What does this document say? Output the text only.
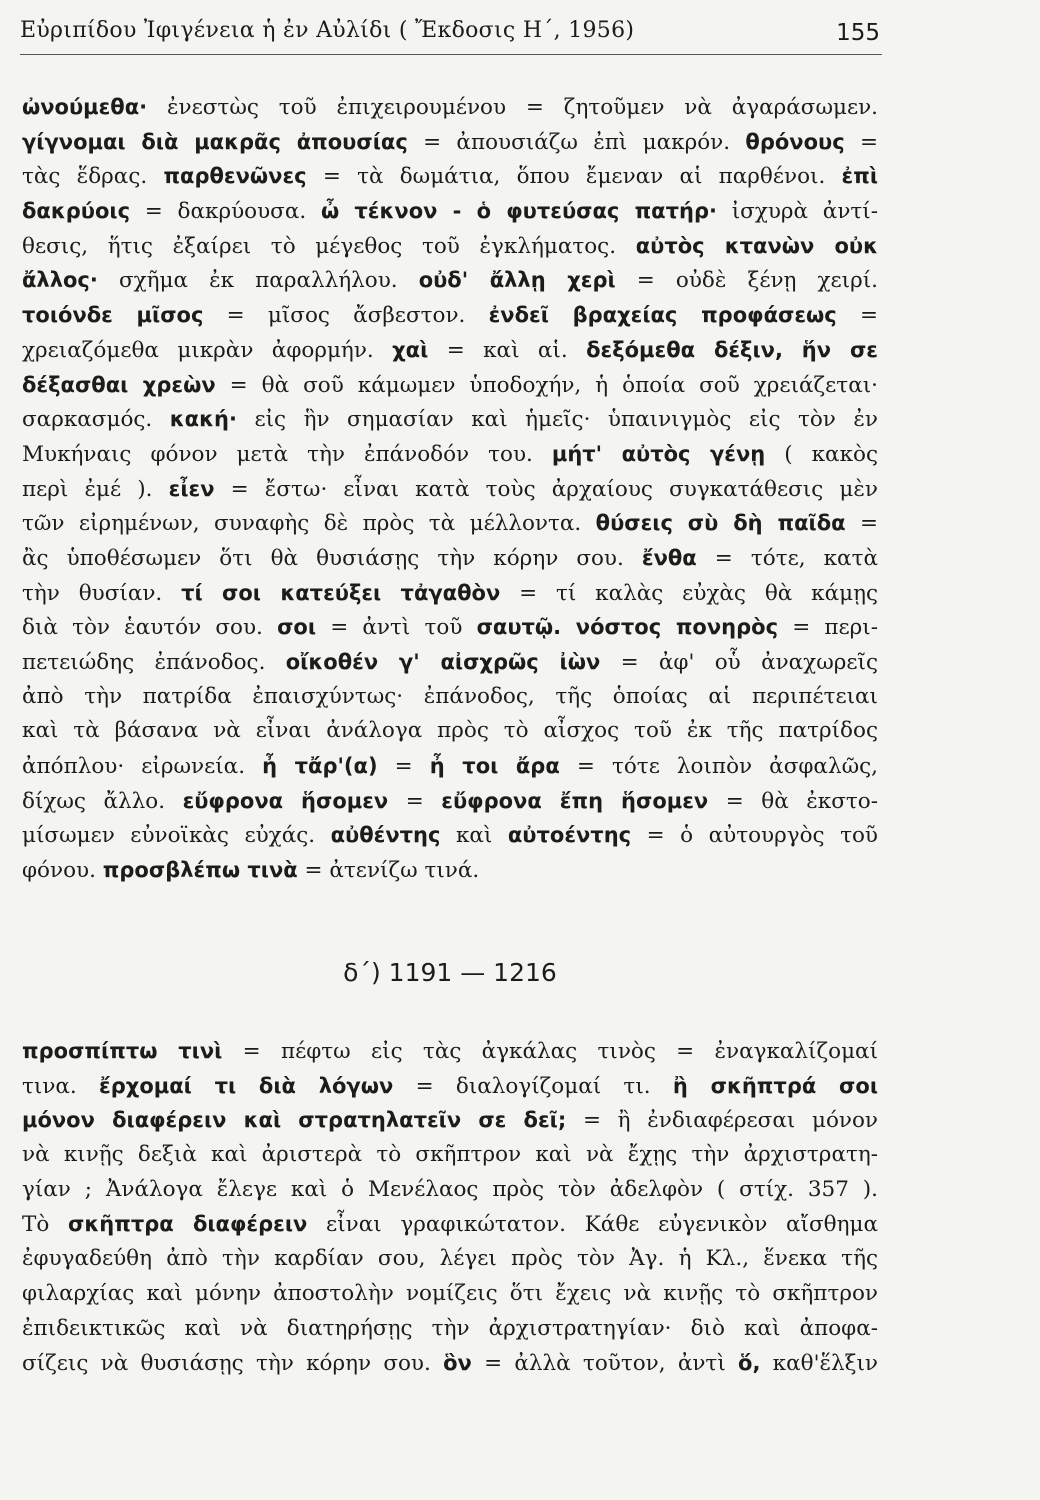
Εὐριπίδου Ἰφιγένεια ἡ ἐν Αὐλίδι ( Ἔκδοσις Η΄, 1956)	155
ὠνούμεθα· ἐνεστὼς τοῦ ἐπιχειρουμένου = ζητοῦμεν νὰ ἀγαράσωμεν.
γίγνομαι διὰ μακρᾶς ἀπουσίας = ἀπουσιάζω ἐπὶ μακρόν. θρόνους =
τὰς ἕδρας. παρθενῶνες = τὰ δωμάτια, ὅπου ἔμεναν αἱ παρθένοι. ἐπὶ
δακρύοις = δακρύουσα. ὦ τέκνον - ὁ φυτεύσας πατήρ· ἰσχυρὰ ἀντί-
θεσις, ἥτις ἐξαίρει τὸ μέγεθος τοῦ ἐγκλήματος. αὐτὸς κτανὼν οὐκ
ἄλλος· σχῆμα ἐκ παραλλήλου. οὐδ' ἄλλῃ χερὶ = οὐδὲ ξένῃ χειρί.
τοιόνδε μῖσος = μῖσος ἄσβεστον. ἐνδεῖ βραχείας προφάσεως =
χρειαζόμεθα μικρὰν ἀφορμήν. χαὶ = καὶ αἱ. δεξόμεθα δέξιν, ἥν σε
δέξασθαι χρεὼν = θὰ σοῦ κάμωμεν ὑποδοχήν, ἡ ὁποία σοῦ χρειάζεται·
σαρκασμός. κακή· εἰς ἣν σημασίαν καὶ ἡμεῖς· ὑπαινιγμὸς εἰς τὸν ἐν
Μυκήναις φόνον μετὰ τὴν ἐπάνοδόν του. μήτ' αὐτὸς γένῃ ( κακὸς
περὶ ἐμέ ). εἶεν = ἔστω· εἶναι κατὰ τοὺς ἀρχαίους συγκατάθεσις μὲν
τῶν εἰρημένων, συναφὴς δὲ πρὸς τὰ μέλλοντα. θύσεις σὺ δὴ παῖδα =
ἂς ὑποθέσωμεν ὅτι θὰ θυσιάσῃς τὴν κόρην σου. ἔνθα = τότε, κατὰ
τὴν θυσίαν. τί σοι κατεύξει τἀγαθὸν = τί καλὰς εὐχὰς θὰ κάμῃς
διὰ τὸν ἑαυτόν σου. σοι = ἀντὶ τοῦ σαυτῷ. νόστος πονηρὸς = περι-
πετειώδης ἐπάνοδος. οἴκοθέν γ' αἰσχρῶς ἰὼν = ἀφ' οὗ ἀναχωρεῖς
ἀπὸ τὴν πατρίδα ἐπαισχύντως· ἐπάνοδος, τῆς ὁποίας αἱ περιπέτειαι
καὶ τὰ βάσανα νὰ εἶναι ἀνάλογα πρὸς τὸ αἶσχος τοῦ ἐκ τῆς πατρίδος
ἀπόπλου· εἰρωνεία. ἦ τἄρ'(α) = ἦ τοι ἄρα = τότε λοιπὸν ἀσφαλῶς,
δίχως ἄλλο. εὔφρονα ἥσομεν = εὔφρονα ἔπη ἥσομεν = θὰ ἐκστο-
μίσωμεν εὐνοϊκὰς εὐχάς. αὐθέντης καὶ αὐτοέντης = ὁ αὐτουργὸς τοῦ
φόνου. προσβλέπω τινὰ = ἀτενίζω τινά.
δ΄) 1191 — 1216
προσπίπτω τινὶ = πέφτω εἰς τὰς ἀγκάλας τινὸς = ἐναγκαλίζομαί
τινα. ἔρχομαί τι διὰ λόγων = διαλογίζομαί τι. ἢ σκῆπτρά σοι
μόνον διαφέρειν καὶ στρατηλατεῖν σε δεῖ; = ἢ ἐνδιαφέρεσαι μόνον
νὰ κινῇς δεξιὰ καὶ ἀριστερὰ τὸ σκῆπτρον καὶ νὰ ἔχῃς τὴν ἀρχιστρατη-
γίαν ; Ἀνάλογα ἔλεγε καὶ ὁ Μενέλαος πρὸς τὸν ἀδελφὸν ( στίχ. 357 ).
Τὸ σκῆπτρα διαφέρειν εἶναι γραφικώτατον. Κάθε εὐγενικὸν αἴσθημα
ἐφυγαδεύθη ἀπὸ τὴν καρδίαν σου, λέγει πρὸς τὸν Ἀγ. ἡ Κλ., ἕνεκα τῆς
φιλαρχίας καὶ μόνην ἀποστολὴν νομίζεις ὅτι ἔχεις νὰ κινῇς τὸ σκῆπτρον
ἐπιδεικτικῶς καὶ νὰ διατηρήσῃς τὴν ἀρχιστρατηγίαν· διὸ καὶ ἀποφα-
σίζεις νὰ θυσιάσῃς τὴν κόρην σου. ὃν = ἀλλὰ τοῦτον, ἀντὶ ὅ, καθ'ἕλξιν
